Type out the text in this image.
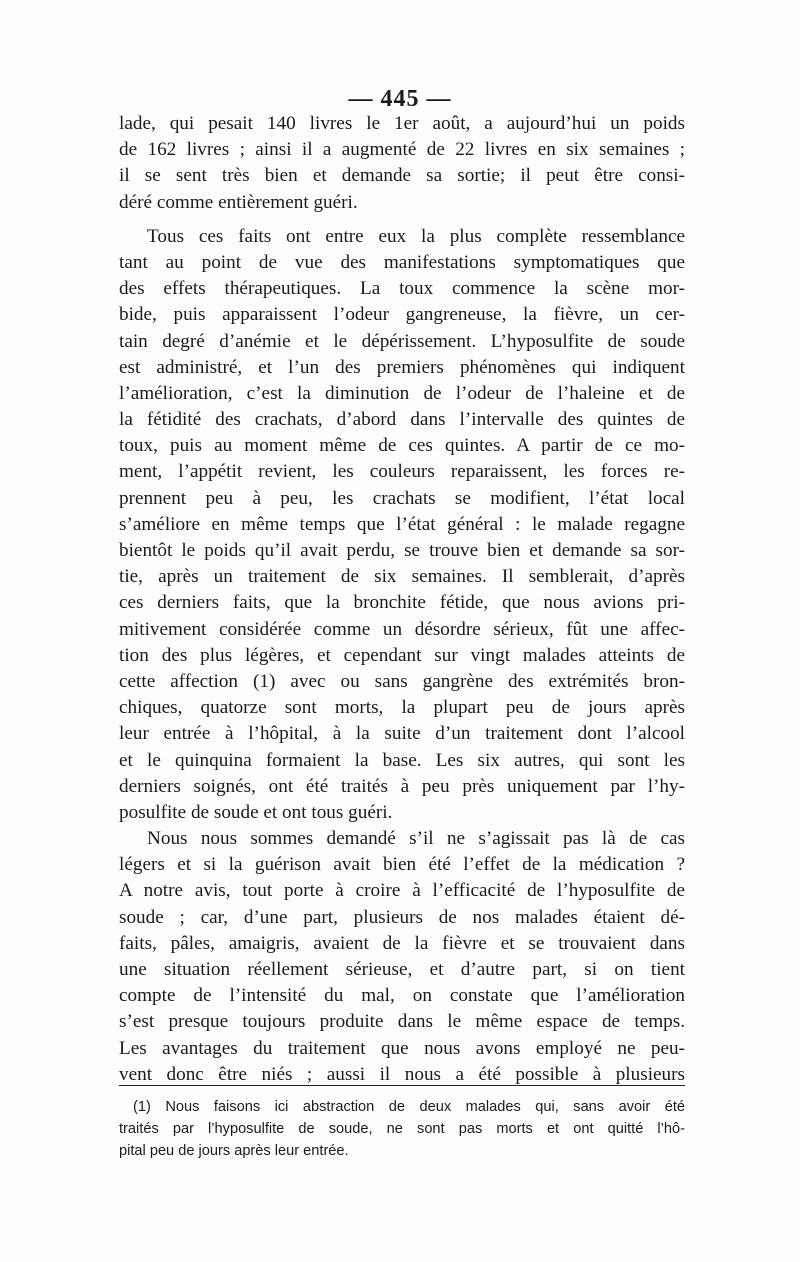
— 445 —
lade, qui pesait 140 livres le 1er août, a aujourd’hui un poids
de 162 livres ; ainsi il a augmenté de 22 livres en six semaines ;
il se sent très bien et demande sa sortie; il peut être consi-
déré comme entièrement guéri.
Tous ces faits ont entre eux la plus complète ressemblance
tant au point de vue des manifestations symptomatiques que
des effets thérapeutiques. La toux commence la scène mor-
bide, puis apparaissent l’odeur gangreneuse, la fièvre, un cer-
tain degré d’anémie et le dépérissement. L’hyposulfite de soude
est administré, et l’un des premiers phénomènes qui indiquent
l’amélioration, c’est la diminution de l’odeur de l’haleine et de
la fétidité des crachats, d’abord dans l’intervalle des quintes de
toux, puis au moment même de ces quintes. A partir de ce mo-
ment, l’appétit revient, les couleurs reparaissent, les forces re-
prennent peu à peu, les crachats se modifient, l’état local
s’améliore en même temps que l’état général : le malade regagne
bientôt le poids qu’il avait perdu, se trouve bien et demande sa sor-
tie, après un traitement de six semaines. Il semblerait, d’après
ces derniers faits, que la bronchite fétide, que nous avions pri-
mitivement considérée comme un désordre sérieux, fût une affec-
tion des plus légères, et cependant sur vingt malades atteints de
cette affection (1) avec ou sans gangrène des extrémités bron-
chiques, quatorze sont morts, la plupart peu de jours après
leur entrée à l’hôpital, à la suite d’un traitement dont l’alcool
et le quinquina formaient la base. Les six autres, qui sont les
derniers soignés, ont été traités à peu près uniquement par l’hy-
posulfite de soude et ont tous guéri.
Nous nous sommes demandé s’il ne s’agissait pas là de cas
légers et si la guérison avait bien été l’effet de la médication ?
A notre avis, tout porte à croire à l’efficacité de l’hyposulfite de
soude ; car, d’une part, plusieurs de nos malades étaient dé-
faits, pâles, amaigris, avaient de la fièvre et se trouvaient dans
une situation réellement sérieuse, et d’autre part, si on tient
compte de l’intensité du mal, on constate que l’amélioration
s’est presque toujours produite dans le même espace de temps.
Les avantages du traitement que nous avons employé ne peu-
vent donc être niés ; aussi il nous a été possible à plusieurs
(1) Nous faisons ici abstraction de deux malades qui, sans avoir été
traités par l’hyposulfite de soude, ne sont pas morts et ont quitté l’hô-
pital peu de jours après leur entrée.
